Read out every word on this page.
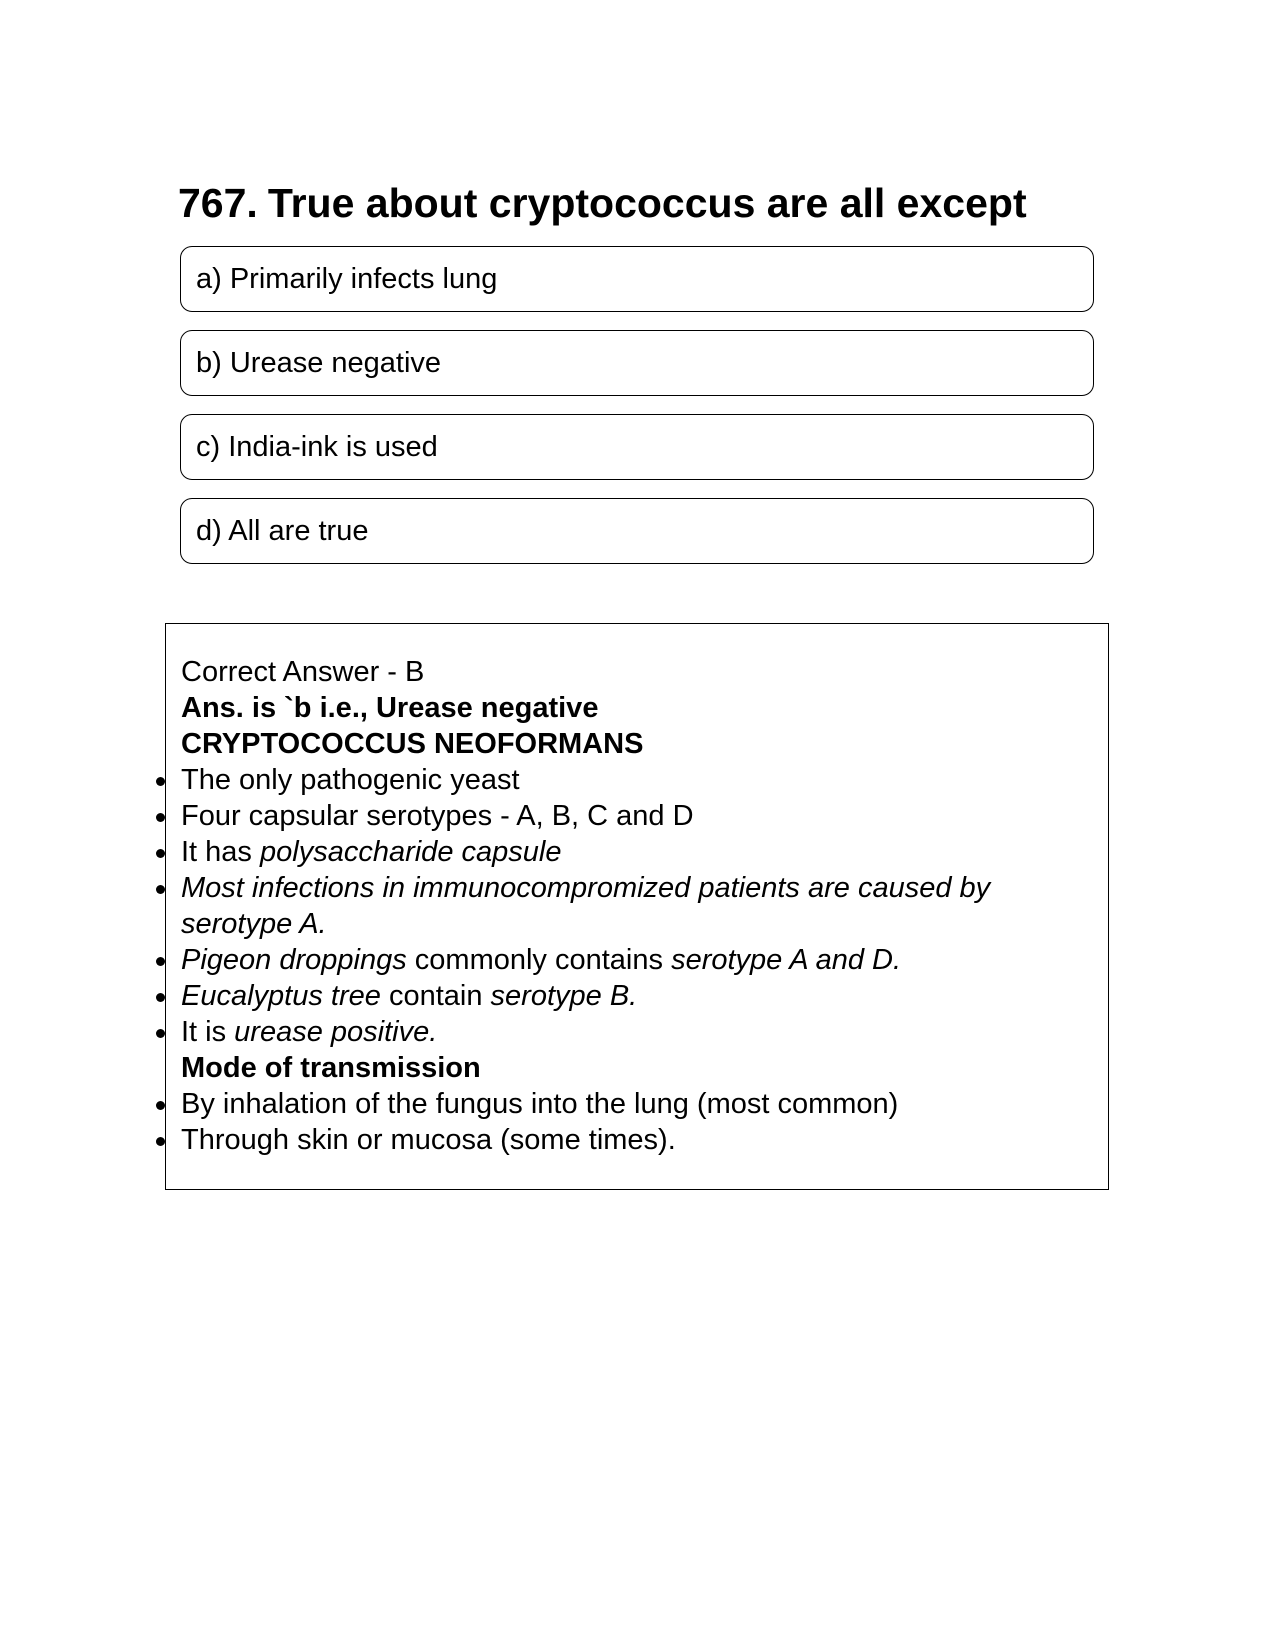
767. True about cryptococcus are all except
a) Primarily infects lung
b) Urease negative
c) India-ink is used
d) All are true

Correct Answer - B

Ans. is `b i.e., Urease negative

CRYPTOCOCCUS NEOFORMANS

The only pathogenic yeast

Four capsular serotypes - A, B, C and D

It has polysaccharide capsule

Most infections in immunocompromized patients are caused by
serotype A.

Pigeon droppings commonly contains serotype A and D.

Eucalyptus tree contain serotype B.

It is urease positive.

Mode of transmission

By inhalation of the fungus into the lung (most common)

Through skin or mucosa (some times).
